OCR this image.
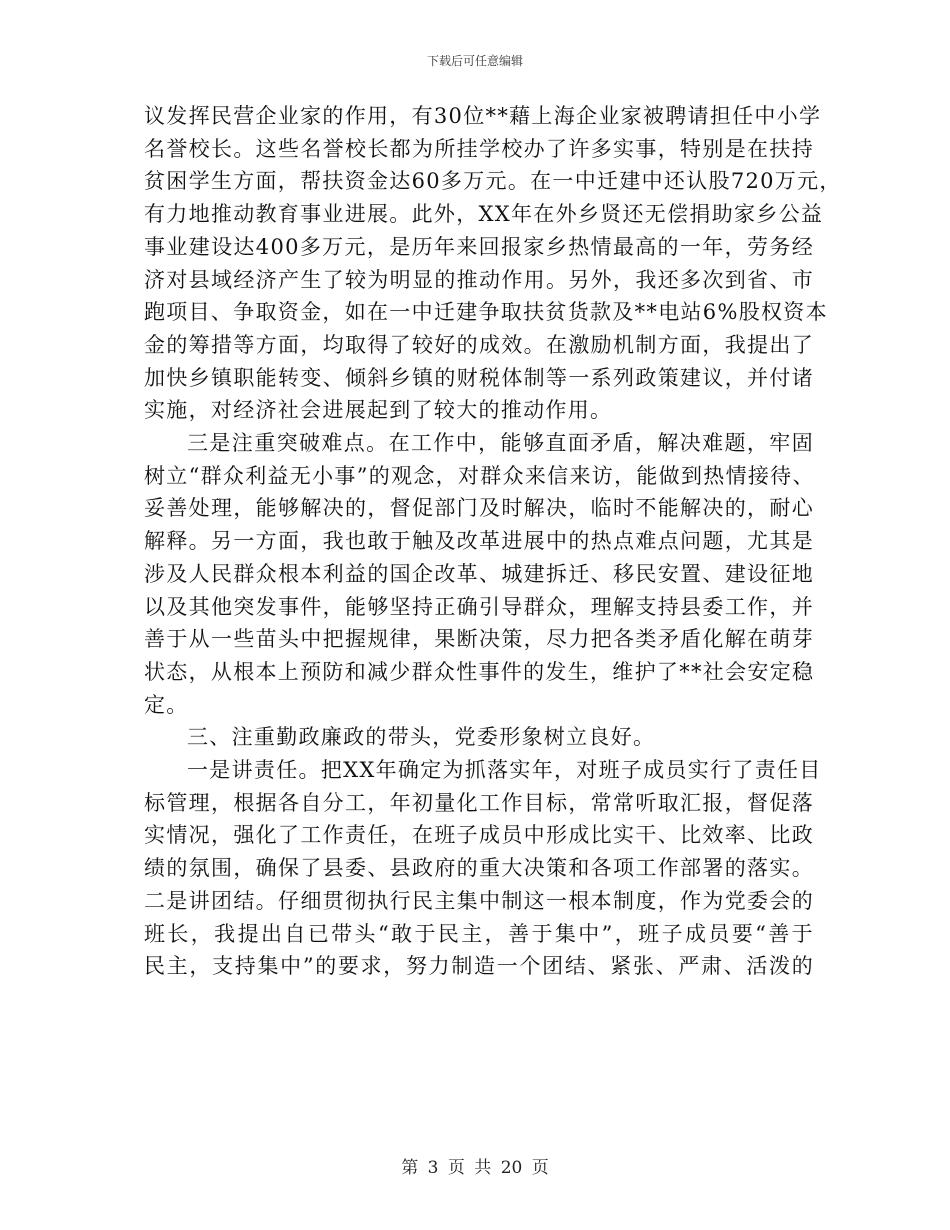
下载后可任意编辑
议发挥民营企业家的作用，有30位**藉上海企业家被聘请担任中小学
名誉校长。这些名誉校长都为所挂学校办了许多实事，特别是在扶持
贫困学生方面，帮扶资金达60多万元。在一中迁建中还认股720万元，
有力地推动教育事业进展。此外，XX年在外乡贤还无偿捐助家乡公益
事业建设达400多万元，是历年来回报家乡热情最高的一年，劳务经
济对县域经济产生了较为明显的推动作用。另外，我还多次到省、市
跑项目、争取资金，如在一中迁建争取扶贫货款及**电站6%股权资本
金的筹措等方面，均取得了较好的成效。在激励机制方面，我提出了
加快乡镇职能转变、倾斜乡镇的财税体制等一系列政策建议，并付诸
实施，对经济社会进展起到了较大的推动作用。
三是注重突破难点。在工作中，能够直面矛盾，解决难题，牢固
树立“群众利益无小事”的观念，对群众来信来访，能做到热情接待、
妥善处理，能够解决的，督促部门及时解决，临时不能解决的，耐心
解释。另一方面，我也敢于触及改革进展中的热点难点问题，尤其是
涉及人民群众根本利益的国企改革、城建拆迁、移民安置、建设征地
以及其他突发事件，能够坚持正确引导群众，理解支持县委工作，并
善于从一些苗头中把握规律，果断决策，尽力把各类矛盾化解在萌芽
状态，从根本上预防和减少群众性事件的发生，维护了**社会安定稳
定。
三、注重勤政廉政的带头，党委形象树立良好。
一是讲责任。把XX年确定为抓落实年，对班子成员实行了责任目
标管理，根据各自分工，年初量化工作目标，常常听取汇报，督促落
实情况，强化了工作责任，在班子成员中形成比实干、比效率、比政
绩的氛围，确保了县委、县政府的重大决策和各项工作部署的落实。
二是讲团结。仔细贯彻执行民主集中制这一根本制度，作为党委会的
班长，我提出自已带头“敢于民主，善于集中”，班子成员要“善于
民主，支持集中”的要求，努力制造一个团结、紧张、严肃、活泼的
第 3 页 共 20 页
